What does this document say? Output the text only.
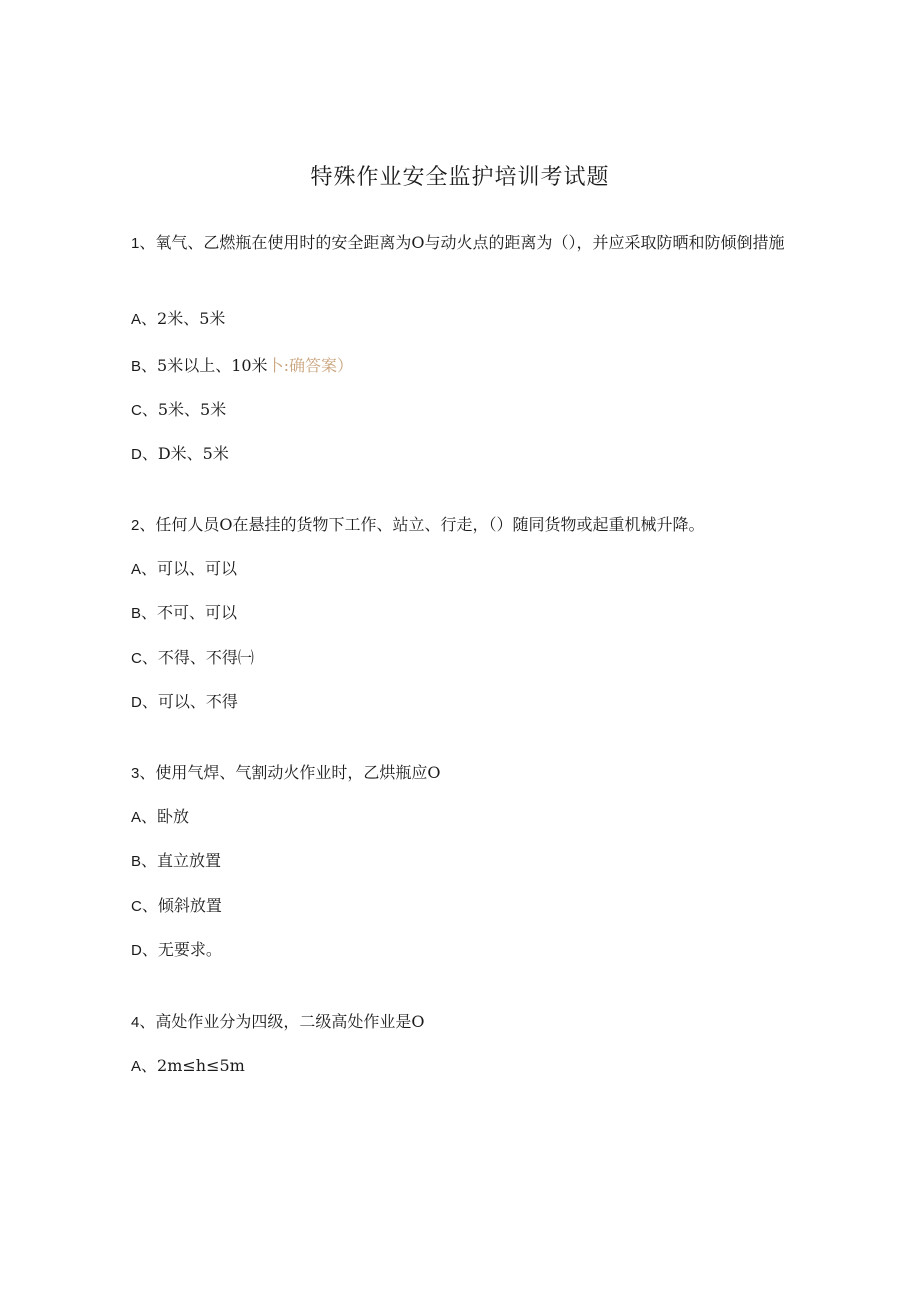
特殊作业安全监护培训考试题
1、氧气、乙燃瓶在使用时的安全距离为O与动火点的距离为（），并应采取防晒和防倾倒措施
A、2米、5米
B、5米以上、10米卜:确答案）
C、5米、5米
D、D米、5米
2、任何人员O在悬挂的货物下工作、站立、行走，（）随同货物或起重机械升降。
A、可以、可以
B、不可、可以
C、不得、不得㈠
D、可以、不得
3、使用气焊、气割动火作业时，乙烘瓶应O
A、卧放
B、直立放置
C、倾斜放置
D、无要求。
4、高处作业分为四级，二级高处作业是O
A、2m≤h≤5m
